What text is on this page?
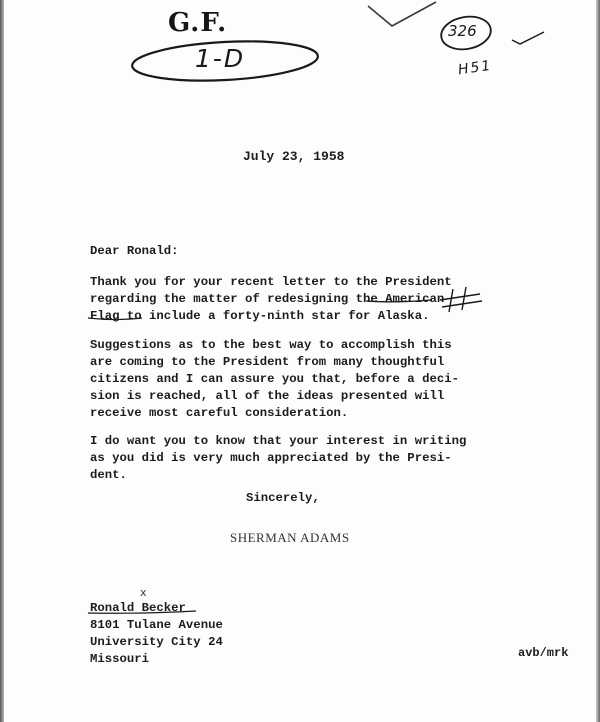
G.F.
1-D
326
H51
July 23, 1958
Dear Ronald:
Thank you for your recent letter to the President
regarding the matter of redesigning the American
Flag to include a forty-ninth star for Alaska.
Suggestions as to the best way to accomplish this
are coming to the President from many thoughtful
citizens and I can assure you that, before a deci-
sion is reached, all of the ideas presented will
receive most careful consideration.
I do want you to know that your interest in writing
as you did is very much appreciated by the Presi-
dent.
Sincerely,
SHERMAN ADAMS
x
Ronald Becker
8101 Tulane Avenue
University City 24
Missouri	avb/mrk
